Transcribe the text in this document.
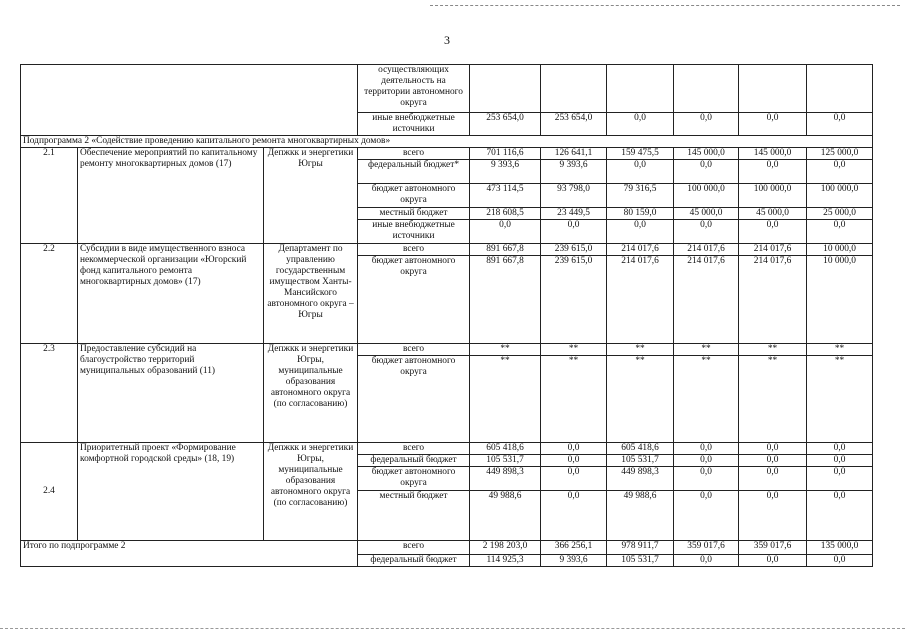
3
			осуществляющих деятельность на территории автономного округа						
			иные внебюджетные источники	253 654,0	253 654,0	0,0	0,0	0,0	0,0
Подпрограмма 2 «Содействие проведению капитального ремонта многоквартирных домов»									
2.1	Обеспечение мероприятий по капитальному ремонту многоквартирных домов (17)	Депжкк и энергетики Югры	всего	701 116,6	126 641,1	159 475,5	145 000,0	145 000,0	125 000,0
			федеральный бюджет*	9 393,6	9 393,6	0,0	0,0	0,0	0,0
			бюджет автономного округа	473 114,5	93 798,0	79 316,5	100 000,0	100 000,0	100 000,0
			местный бюджет	218 608,5	23 449,5	80 159,0	45 000,0	45 000,0	25 000,0
			иные внебюджетные источники	0,0	0,0	0,0	0,0	0,0	0,0
2.2	Субсидии в виде имущественного взноса некоммерческой организации «Югорский фонд капитального ремонта многоквартирных домов» (17)	Департамент по управлению государственным имуществом Ханты-Мансийского автономного округа – Югры	всего	891 667,8	239 615,0	214 017,6	214 017,6	214 017,6	10 000,0
			бюджет автономного округа	891 667,8	239 615,0	214 017,6	214 017,6	214 017,6	10 000,0
2.3	Предоставление субсидий на благоустройство территорий муниципальных образований (11)	Депжкк и энергетики Югры, муниципальные образования автономного округа (по согласованию)	всего	**	**	**	**	**	**
			бюджет автономного округа	**	**	**	**	**	**
2.4	Приоритетный проект «Формирование комфортной городской среды» (18, 19)	Депжкк и энергетики Югры, муниципальные образования автономного округа (по согласованию)	всего	605 418,6	0,0	605 418,6	0,0	0,0	0,0
			федеральный бюджет	105 531,7	0,0	105 531,7	0,0	0,0	0,0
			бюджет автономного округа	449 898,3	0,0	449 898,3	0,0	0,0	0,0
			местный бюджет	49 988,6	0,0	49 988,6	0,0	0,0	0,0
Итого по подпрограмме 2			всего	2 198 203,0	366 256,1	978 911,7	359 017,6	359 017,6	135 000,0
			федеральный бюджет	114 925,3	9 393,6	105 531,7	0,0	0,0	0,0
